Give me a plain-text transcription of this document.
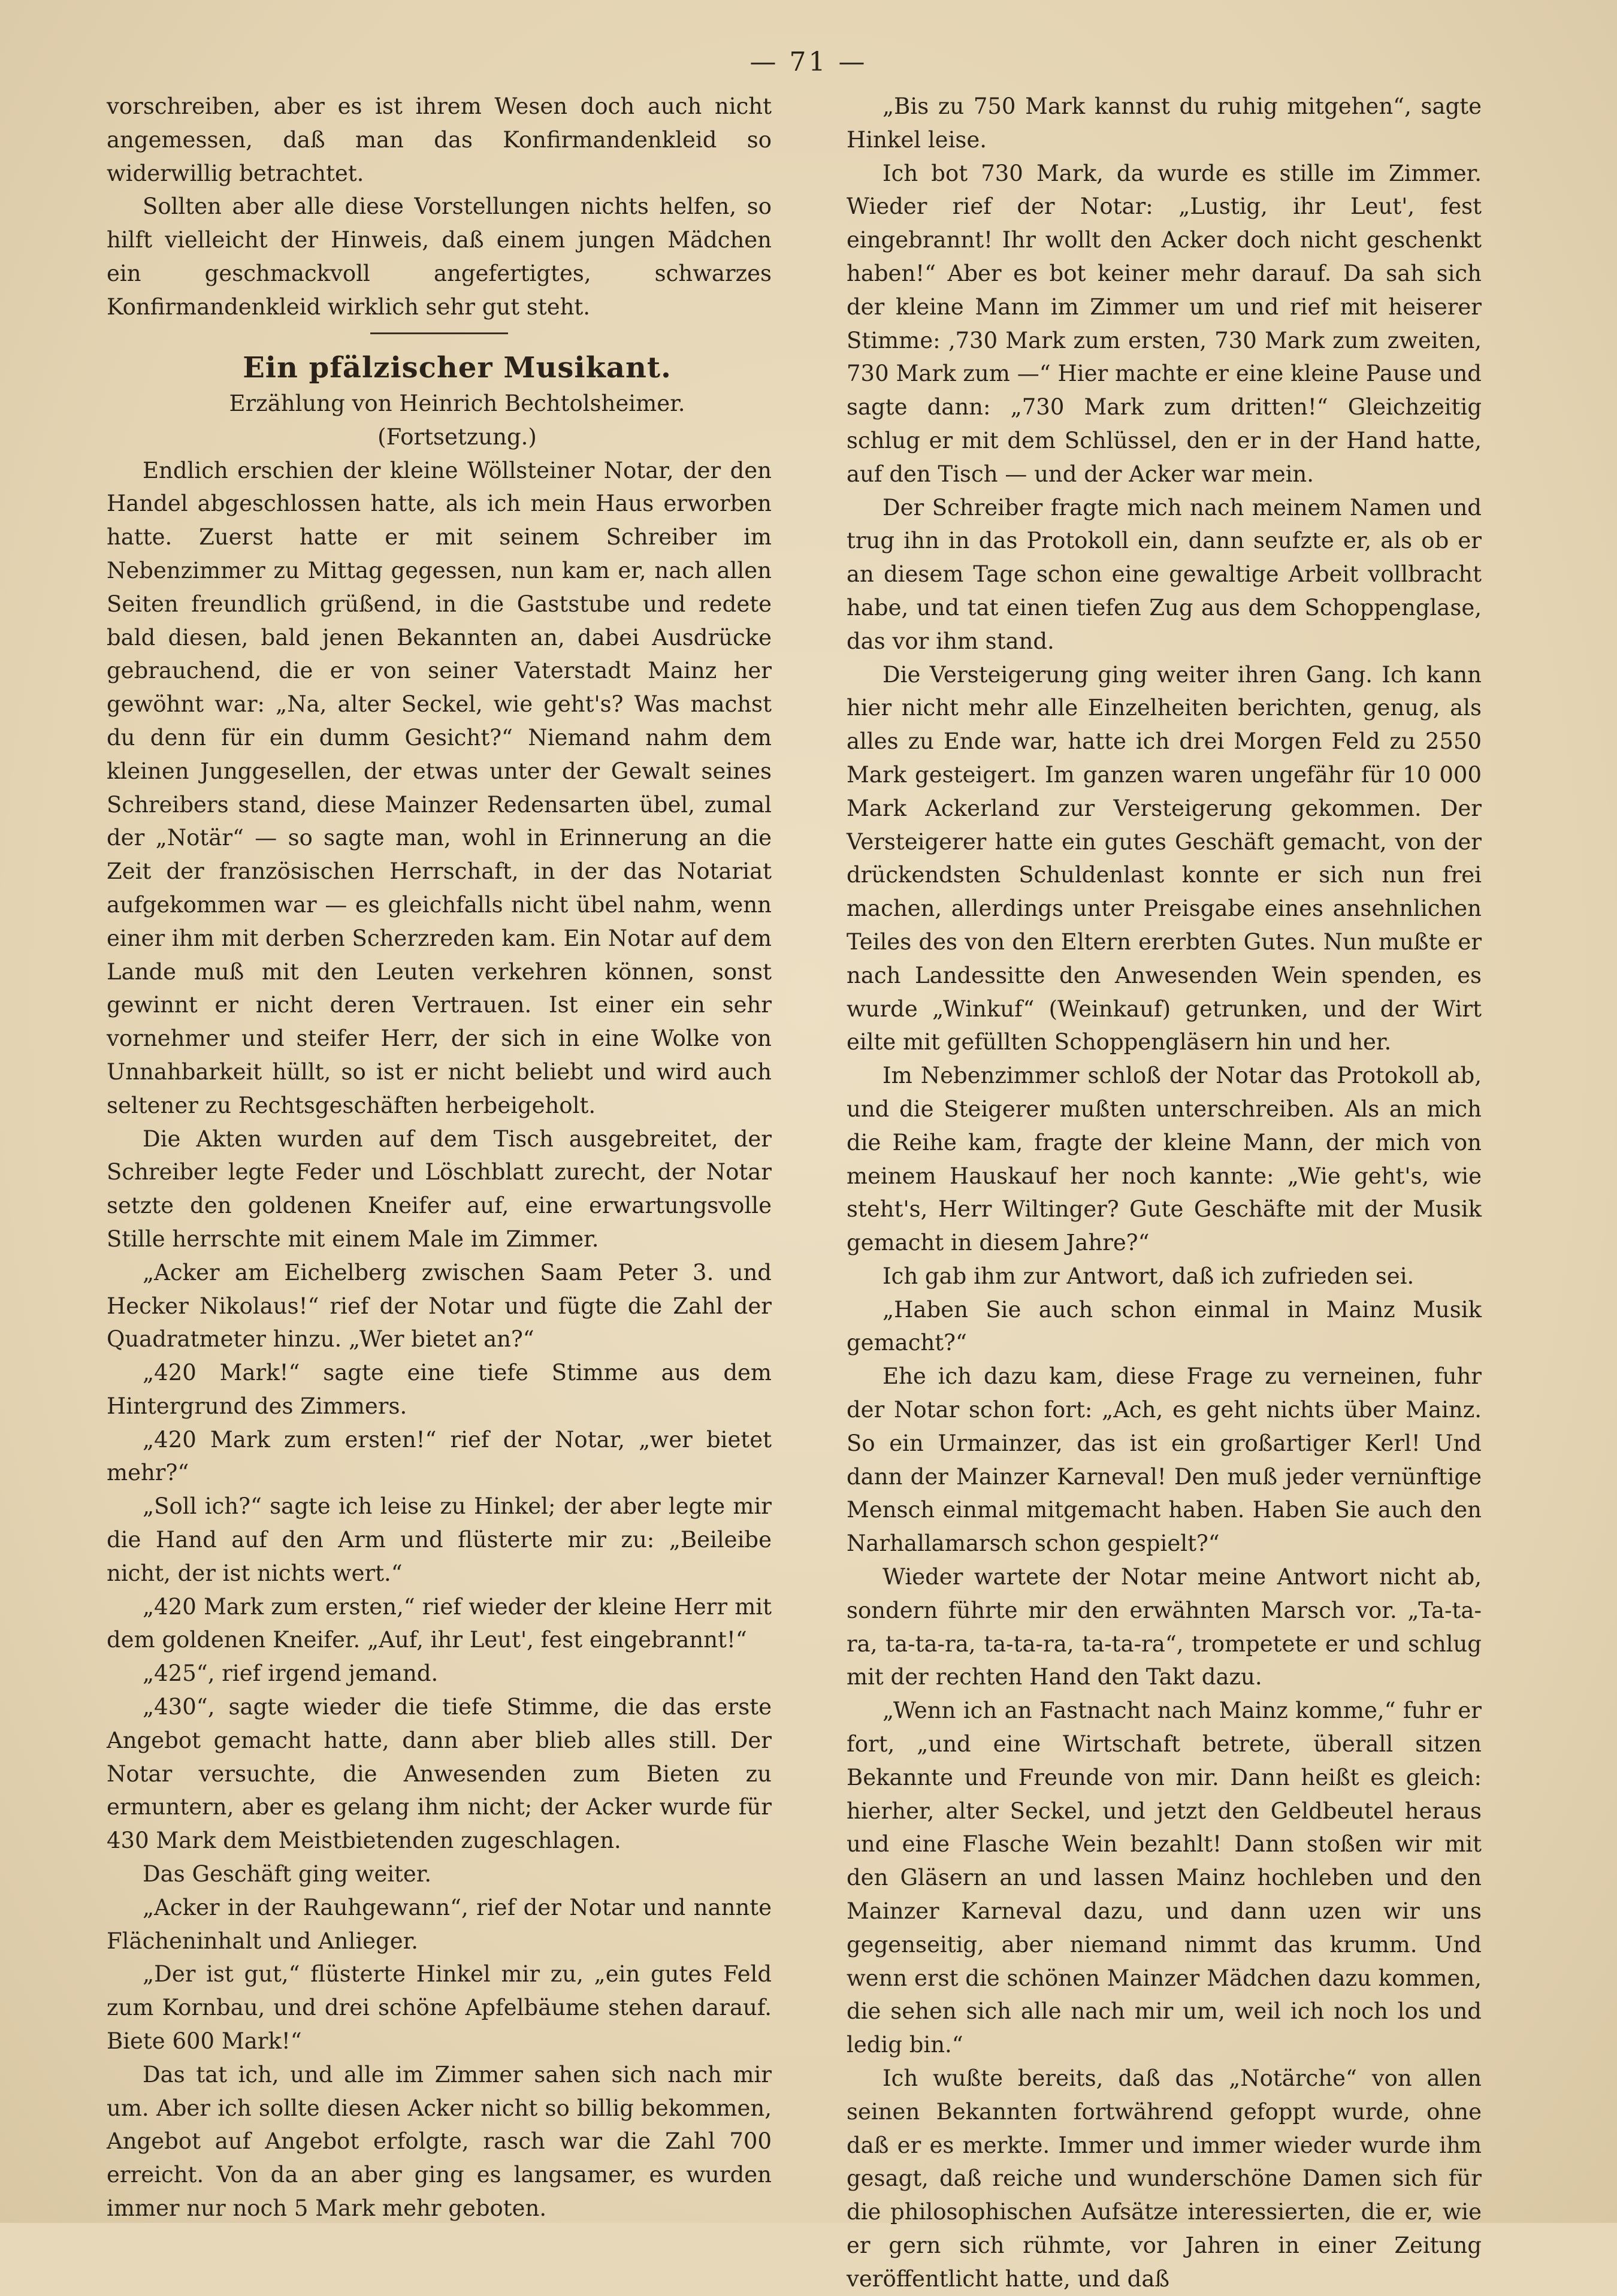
— 71 —

vorschreiben, aber es ist ihrem Wesen doch auch nicht angemessen, daß man das Konfirmandenkleid so widerwillig betrachtet.

Sollten aber alle diese Vorstellungen nichts helfen, so hilft vielleicht der Hinweis, daß einem jungen Mädchen ein geschmackvoll angefertigtes, schwarzes Konfirmandenkleid wirklich sehr gut steht.

Ein pfälzischer Musikant.

Erzählung von Heinrich Bechtolsheimer.

(Fortsetzung.)

Endlich erschien der kleine Wöllsteiner Notar, der den Handel abgeschlossen hatte, als ich mein Haus erworben hatte. Zuerst hatte er mit seinem Schreiber im Nebenzimmer zu Mittag gegessen, nun kam er, nach allen Seiten freundlich grüßend, in die Gaststube und redete bald diesen, bald jenen Bekannten an, dabei Ausdrücke gebrauchend, die er von seiner Vaterstadt Mainz her gewöhnt war: „Na, alter Seckel, wie geht's? Was machst du denn für ein dumm Gesicht?“ Niemand nahm dem kleinen Junggesellen, der etwas unter der Gewalt seines Schreibers stand, diese Mainzer Redensarten übel, zumal der „Notär“ — so sagte man, wohl in Erinnerung an die Zeit der französischen Herrschaft, in der das Notariat aufgekommen war — es gleichfalls nicht übel nahm, wenn einer ihm mit derben Scherzreden kam. Ein Notar auf dem Lande muß mit den Leuten verkehren können, sonst gewinnt er nicht deren Vertrauen. Ist einer ein sehr vornehmer und steifer Herr, der sich in eine Wolke von Unnahbarkeit hüllt, so ist er nicht beliebt und wird auch seltener zu Rechtsgeschäften herbeigeholt.

Die Akten wurden auf dem Tisch ausgebreitet, der Schreiber legte Feder und Löschblatt zurecht, der Notar setzte den goldenen Kneifer auf, eine erwartungsvolle Stille herrschte mit einem Male im Zimmer.

„Acker am Eichelberg zwischen Saam Peter 3. und Hecker Nikolaus!“ rief der Notar und fügte die Zahl der Quadratmeter hinzu. „Wer bietet an?“

„420 Mark!“ sagte eine tiefe Stimme aus dem Hintergrund des Zimmers.

„420 Mark zum ersten!“ rief der Notar, „wer bietet mehr?“

„Soll ich?“ sagte ich leise zu Hinkel; der aber legte mir die Hand auf den Arm und flüsterte mir zu: „Beileibe nicht, der ist nichts wert.“

„420 Mark zum ersten,“ rief wieder der kleine Herr mit dem goldenen Kneifer. „Auf, ihr Leut', fest eingebrannt!“

„425“, rief irgend jemand.

„430“, sagte wieder die tiefe Stimme, die das erste Angebot gemacht hatte, dann aber blieb alles still. Der Notar versuchte, die Anwesenden zum Bieten zu ermuntern, aber es gelang ihm nicht; der Acker wurde für 430 Mark dem Meistbietenden zugeschlagen.

Das Geschäft ging weiter.

„Acker in der Rauhgewann“, rief der Notar und nannte Flächeninhalt und Anlieger.

„Der ist gut,“ flüsterte Hinkel mir zu, „ein gutes Feld zum Kornbau, und drei schöne Apfelbäume stehen darauf. Biete 600 Mark!“

Das tat ich, und alle im Zimmer sahen sich nach mir um. Aber ich sollte diesen Acker nicht so billig bekommen, Angebot auf Angebot erfolgte, rasch war die Zahl 700 erreicht. Von da an aber ging es langsamer, es wurden immer nur noch 5 Mark mehr geboten.

„Bis zu 750 Mark kannst du ruhig mitgehen“, sagte Hinkel leise.

Ich bot 730 Mark, da wurde es stille im Zimmer. Wieder rief der Notar: „Lustig, ihr Leut', fest eingebrannt! Ihr wollt den Acker doch nicht geschenkt haben!“ Aber es bot keiner mehr darauf. Da sah sich der kleine Mann im Zimmer um und rief mit heiserer Stimme: ‚730 Mark zum ersten, 730 Mark zum zweiten, 730 Mark zum —“ Hier machte er eine kleine Pause und sagte dann: „730 Mark zum dritten!“ Gleichzeitig schlug er mit dem Schlüssel, den er in der Hand hatte, auf den Tisch — und der Acker war mein.

Der Schreiber fragte mich nach meinem Namen und trug ihn in das Protokoll ein, dann seufzte er, als ob er an diesem Tage schon eine gewaltige Arbeit vollbracht habe, und tat einen tiefen Zug aus dem Schoppenglase, das vor ihm stand.

Die Versteigerung ging weiter ihren Gang. Ich kann hier nicht mehr alle Einzelheiten berichten, genug, als alles zu Ende war, hatte ich drei Morgen Feld zu 2550 Mark gesteigert. Im ganzen waren ungefähr für 10 000 Mark Ackerland zur Versteigerung gekommen. Der Versteigerer hatte ein gutes Geschäft gemacht, von der drückendsten Schuldenlast konnte er sich nun frei machen, allerdings unter Preisgabe eines ansehnlichen Teiles des von den Eltern ererbten Gutes. Nun mußte er nach Landessitte den Anwesenden Wein spenden, es wurde „Winkuf“ (Weinkauf) getrunken, und der Wirt eilte mit gefüllten Schoppengläsern hin und her.

Im Nebenzimmer schloß der Notar das Protokoll ab, und die Steigerer mußten unterschreiben. Als an mich die Reihe kam, fragte der kleine Mann, der mich von meinem Hauskauf her noch kannte: „Wie geht's, wie steht's, Herr Wiltinger? Gute Geschäfte mit der Musik gemacht in diesem Jahre?“

Ich gab ihm zur Antwort, daß ich zufrieden sei.

„Haben Sie auch schon einmal in Mainz Musik gemacht?“

Ehe ich dazu kam, diese Frage zu verneinen, fuhr der Notar schon fort: „Ach, es geht nichts über Mainz. So ein Urmainzer, das ist ein großartiger Kerl! Und dann der Mainzer Karneval! Den muß jeder vernünftige Mensch einmal mitgemacht haben. Haben Sie auch den Narhallamarsch schon gespielt?“

Wieder wartete der Notar meine Antwort nicht ab, sondern führte mir den erwähnten Marsch vor. „Ta-ta-ra, ta-ta-ra, ta-ta-ra, ta-ta-ra“, trompetete er und schlug mit der rechten Hand den Takt dazu.

„Wenn ich an Fastnacht nach Mainz komme,“ fuhr er fort, „und eine Wirtschaft betrete, überall sitzen Bekannte und Freunde von mir. Dann heißt es gleich: hierher, alter Seckel, und jetzt den Geldbeutel heraus und eine Flasche Wein bezahlt! Dann stoßen wir mit den Gläsern an und lassen Mainz hochleben und den Mainzer Karneval dazu, und dann uzen wir uns gegenseitig, aber niemand nimmt das krumm. Und wenn erst die schönen Mainzer Mädchen dazu kommen, die sehen sich alle nach mir um, weil ich noch los und ledig bin.“

Ich wußte bereits, daß das „Notärche“ von allen seinen Bekannten fortwährend gefoppt wurde, ohne daß er es merkte. Immer und immer wieder wurde ihm gesagt, daß reiche und wunderschöne Damen sich für die philosophischen Aufsätze interessierten, die er, wie er gern sich rühmte, vor Jahren in einer Zeitung veröffentlicht hatte, und daß
